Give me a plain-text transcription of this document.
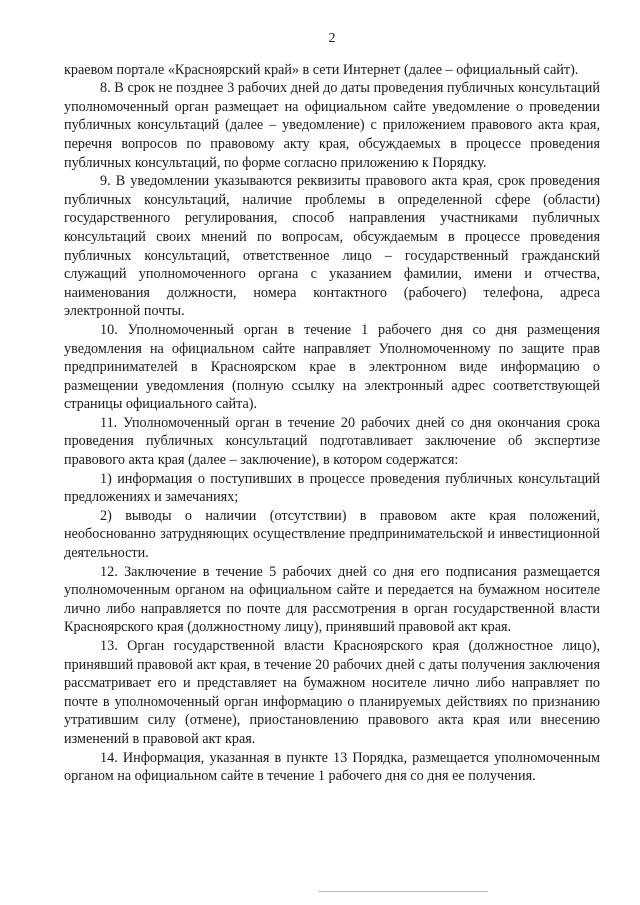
2

краевом портале «Красноярский край» в сети Интернет (далее – официальный сайт).

8. В срок не позднее 3 рабочих дней до даты проведения публичных консультаций уполномоченный орган размещает на официальном сайте уведомление о проведении публичных консультаций (далее – уведомление) с приложением правового акта края, перечня вопросов по правовому акту края, обсуждаемых в процессе проведения публичных консультаций, по форме согласно приложению к Порядку.

9. В уведомлении указываются реквизиты правового акта края, срок проведения публичных консультаций, наличие проблемы в определенной сфере (области) государственного регулирования, способ направления участниками публичных консультаций своих мнений по вопросам, обсуждаемым в процессе проведения публичных консультаций, ответственное лицо – государственный гражданский служащий уполномоченного органа с указанием фамилии, имени и отчества, наименования должности, номера контактного (рабочего) телефона, адреса электронной почты.

10. Уполномоченный орган в течение 1 рабочего дня со дня размещения уведомления на официальном сайте направляет Уполномоченному по защите прав предпринимателей в Красноярском крае в электронном виде информацию о размещении уведомления (полную ссылку на электронный адрес соответствующей страницы официального сайта).

11. Уполномоченный орган в течение 20 рабочих дней со дня окончания срока проведения публичных консультаций подготавливает заключение об экспертизе правового акта края (далее – заключение), в котором содержатся:

1) информация о поступивших в процессе проведения публичных консультаций предложениях и замечаниях;

2) выводы о наличии (отсутствии) в правовом акте края положений, необоснованно затрудняющих осуществление предпринимательской и инвестиционной деятельности.

12. Заключение в течение 5 рабочих дней со дня его подписания размещается уполномоченным органом на официальном сайте и передается на бумажном носителе лично либо направляется по почте для рассмотрения в орган государственной власти Красноярского края (должностному лицу), принявший правовой акт края.

13. Орган государственной власти Красноярского края (должностное лицо), принявший правовой акт края, в течение 20 рабочих дней с даты получения заключения рассматривает его и представляет на бумажном носителе лично либо направляет по почте в уполномоченный орган информацию о планируемых действиях по признанию утратившим силу (отмене), приостановлению правового акта края или внесению изменений в правовой акт края.

14. Информация, указанная в пункте 13 Порядка, размещается уполномоченным органом на официальном сайте в течение 1 рабочего дня со дня ее получения.
